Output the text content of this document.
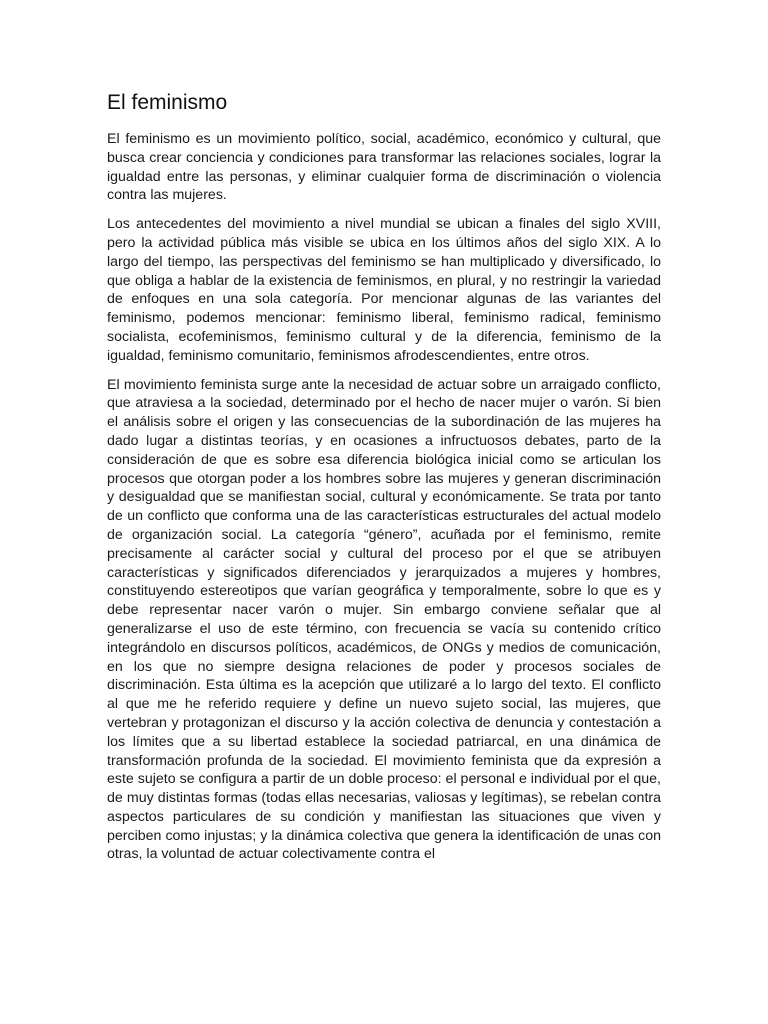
El feminismo

El feminismo es un movimiento político, social, académico, económico y cultural, que busca crear conciencia y condiciones para transformar las relaciones sociales, lograr la igualdad entre las personas, y eliminar cualquier forma de discriminación o violencia contra las mujeres.

Los antecedentes del movimiento a nivel mundial se ubican a finales del siglo XVIII, pero la actividad pública más visible se ubica en los últimos años del siglo XIX. A lo largo del tiempo, las perspectivas del feminismo se han multiplicado y diversificado, lo que obliga a hablar de la existencia de feminismos, en plural, y no restringir la variedad de enfoques en una sola categoría. Por mencionar algunas de las variantes del feminismo, podemos mencionar: feminismo liberal, feminismo radical, feminismo socialista, ecofeminismos, feminismo cultural y de la diferencia, feminismo de la igualdad, feminismo comunitario, feminismos afrodescendientes, entre otros.

El movimiento feminista surge ante la necesidad de actuar sobre un arraigado conflicto, que atraviesa a la sociedad, determinado por el hecho de nacer mujer o varón. Si bien el análisis sobre el origen y las consecuencias de la subordinación de las mujeres ha dado lugar a distintas teorías, y en ocasiones a infructuosos debates, parto de la consideración de que es sobre esa diferencia biológica inicial como se articulan los procesos que otorgan poder a los hombres sobre las mujeres y generan discriminación y desigualdad que se manifiestan social, cultural y económicamente. Se trata por tanto de un conflicto que conforma una de las características estructurales del actual modelo de organización social. La categoría “género”, acuñada por el feminismo, remite precisamente al carácter social y cultural del proceso por el que se atribuyen características y significados diferenciados y jerarquizados a mujeres y hombres, constituyendo estereotipos que varían geográfica y temporalmente, sobre lo que es y debe representar nacer varón o mujer. Sin embargo conviene señalar que al generalizarse el uso de este término, con frecuencia se vacía su contenido crítico integrándolo en discursos políticos, académicos, de ONGs y medios de comunicación, en los que no siempre designa relaciones de poder y procesos sociales de discriminación. Esta última es la acepción que utilizaré a lo largo del texto. El conflicto al que me he referido requiere y define un nuevo sujeto social, las mujeres, que vertebran y protagonizan el discurso y la acción colectiva de denuncia y contestación a los límites que a su libertad establece la sociedad patriarcal, en una dinámica de transformación profunda de la sociedad. El movimiento feminista que da expresión a este sujeto se configura a partir de un doble proceso: el personal e individual por el que, de muy distintas formas (todas ellas necesarias, valiosas y legítimas), se rebelan contra aspectos particulares de su condición y manifiestan las situaciones que viven y perciben como injustas; y la dinámica colectiva que genera la identificación de unas con otras, la voluntad de actuar colectivamente contra el
